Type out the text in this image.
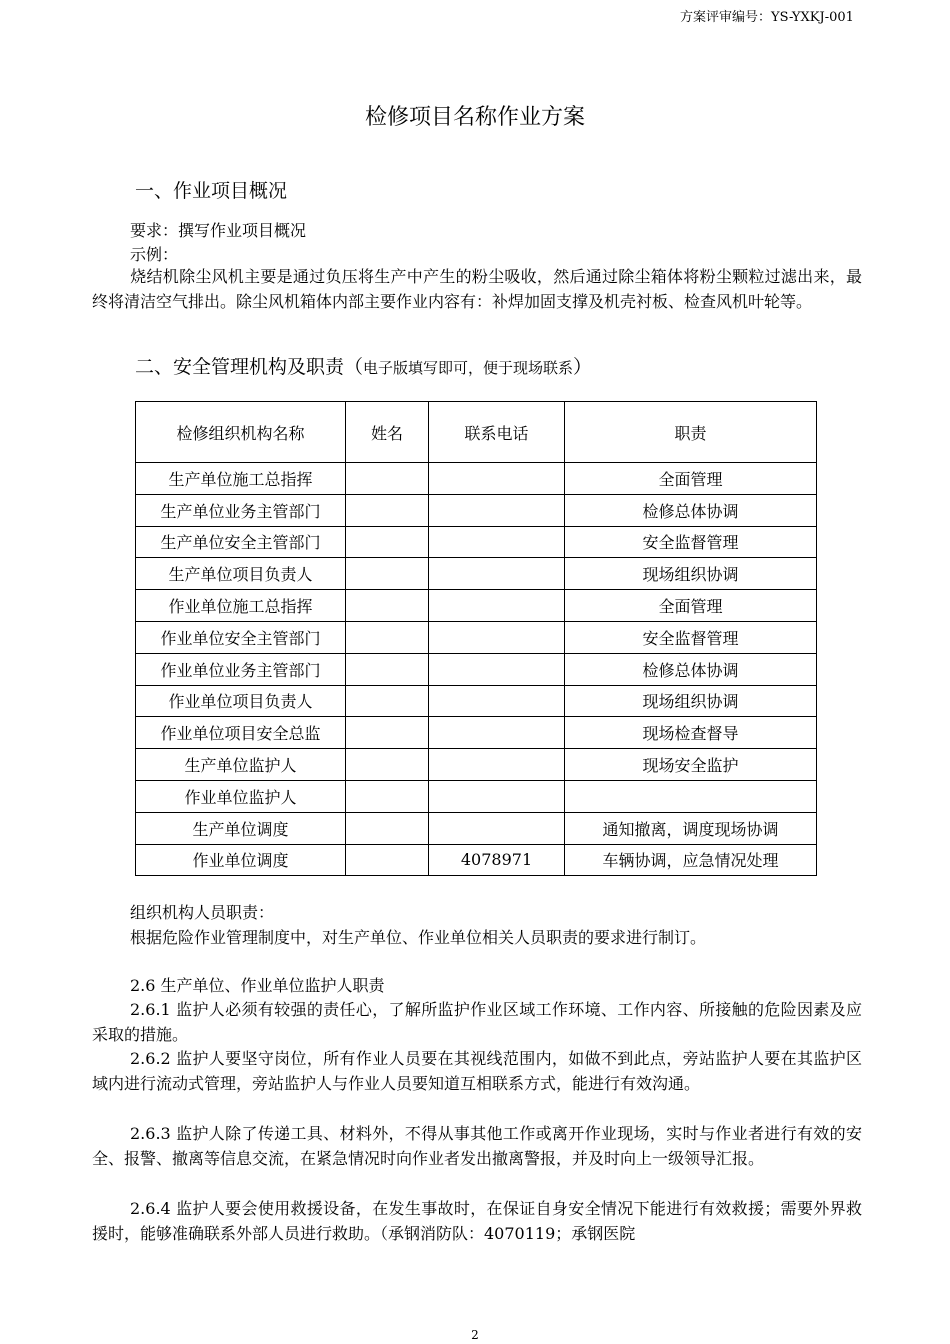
方案评审编号：YS-YXKJ-001
检修项目名称作业方案
一、作业项目概况
要求：撰写作业项目概况
示例：
烧结机除尘风机主要是通过负压将生产中产生的粉尘吸收，然后通过除尘箱体将粉尘颗粒过滤出来，最终将清洁空气排出。除尘风机箱体内部主要作业内容有：补焊加固支撑及机壳衬板、检查风机叶轮等。
二、安全管理机构及职责（电子版填写即可，便于现场联系）
检修组织机构名称	姓名	联系电话	职责
生产单位施工总指挥			全面管理
生产单位业务主管部门			检修总体协调
生产单位安全主管部门			安全监督管理
生产单位项目负责人			现场组织协调
作业单位施工总指挥			全面管理
作业单位安全主管部门			安全监督管理
作业单位业务主管部门			检修总体协调
作业单位项目负责人			现场组织协调
作业单位项目安全总监			现场检查督导
生产单位监护人			现场安全监护
作业单位监护人			
生产单位调度			通知撤离，调度现场协调
作业单位调度		4078971	车辆协调，应急情况处理
组织机构人员职责：
根据危险作业管理制度中，对生产单位、作业单位相关人员职责的要求进行制订。
2.6 生产单位、作业单位监护人职责
2.6.1 监护人必须有较强的责任心，了解所监护作业区域工作环境、工作内容、所接触的危险因素及应采取的措施。
2.6.2 监护人要坚守岗位，所有作业人员要在其视线范围内，如做不到此点，旁站监护人要在其监护区域内进行流动式管理，旁站监护人与作业人员要知道互相联系方式，能进行有效沟通。
2.6.3 监护人除了传递工具、材料外，不得从事其他工作或离开作业现场，实时与作业者进行有效的安全、报警、撤离等信息交流，在紧急情况时向作业者发出撤离警报，并及时向上一级领导汇报。
2.6.4 监护人要会使用救援设备，在发生事故时，在保证自身安全情况下能进行有效救援；需要外界救援时，能够准确联系外部人员进行救助。（承钢消防队：4070119；承钢医院
2
